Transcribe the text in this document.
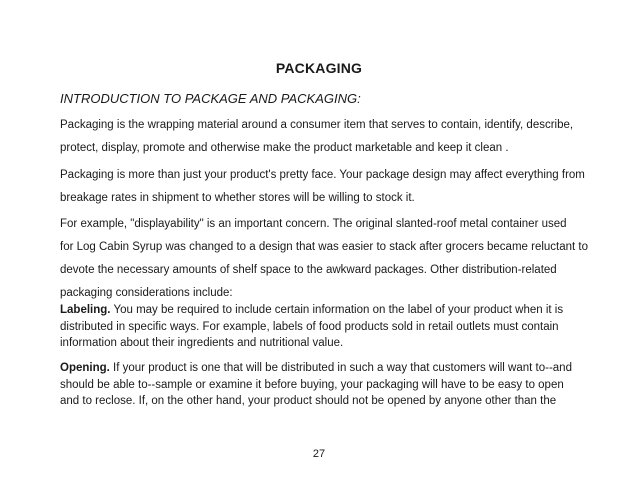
PACKAGING
INTRODUCTION TO PACKAGE AND PACKAGING:

Packaging is the wrapping material around a consumer item that serves to contain, identify, describe,
protect, display, promote and otherwise make the product marketable and keep it clean .

Packaging is more than just your product's pretty face. Your package design may affect everything from
breakage rates in shipment to whether stores will be willing to stock it.

For example, "displayability" is an important concern. The original slanted-roof metal container used
for Log Cabin Syrup was changed to a design that was easier to stack after grocers became reluctant to
devote the necessary amounts of shelf space to the awkward packages. Other distribution-related
packaging considerations include:

Labeling. You may be required to include certain information on the label of your product when it is
distributed in specific ways. For example, labels of food products sold in retail outlets must contain
information about their ingredients and nutritional value.

Opening. If your product is one that will be distributed in such a way that customers will want to--and
should be able to--sample or examine it before buying, your packaging will have to be easy to open
and to reclose. If, on the other hand, your product should not be opened by anyone other than the

27
